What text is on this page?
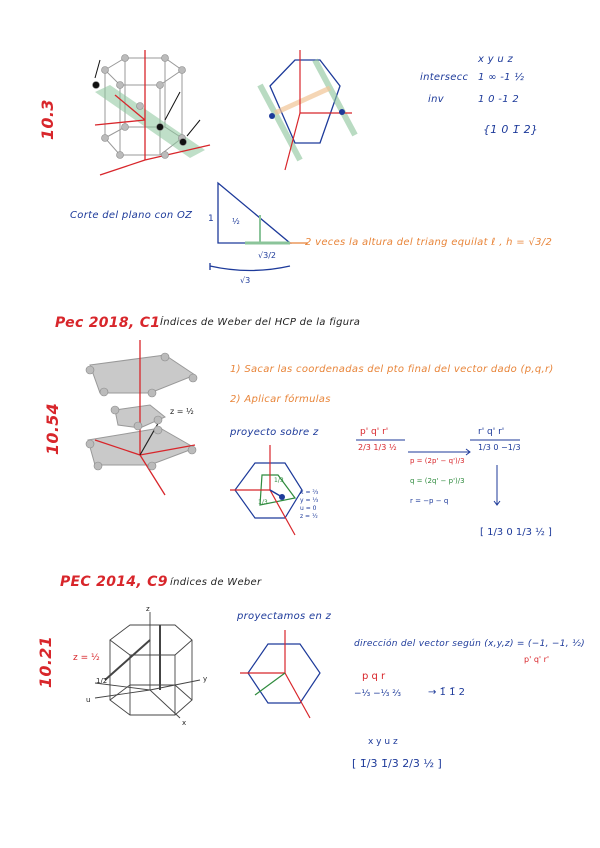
10.3
x y u z
intersecc 1 ∞ -1 ½
inv	1 0 -1 2
{1 0 1̄ 2}
Corte del plano con OZ 1 ½
√3/2
√3
2 veces la altura del triang equilat ℓ , h = √3/2
Pec 2018, C1 Índices de Weber del HCP de la figura
10.54
1) Sacar las coordenadas del pto final del vector dado (p,q,r)
2) Aplicar fórmulas
proyecto sobre z
z = ½
p' q' r'
2/3 1/3 ½
p = (2p' − q')/3
q = (2q' − p')/3
r = −p − q
r' q' r'
1/3 0 −1/3
[ 1/3 0 1/3 ½ ]
x = ⅔
y = ⅓
u = 0
z = ½
1/3
1/3
PEC 2014, C9 índices de Weber
10.21
proyectamos en z
z = ½
1/2
z
y
x
u
dirección del vector según (x,y,z) = (−1, −1, ½)
p' q' r'
p q r
−⅓ −⅓ ⅔	→ 1̄ 1̄ 2
x y u z
[ 1̄/3 1̄/3 2/3 ½ ]
